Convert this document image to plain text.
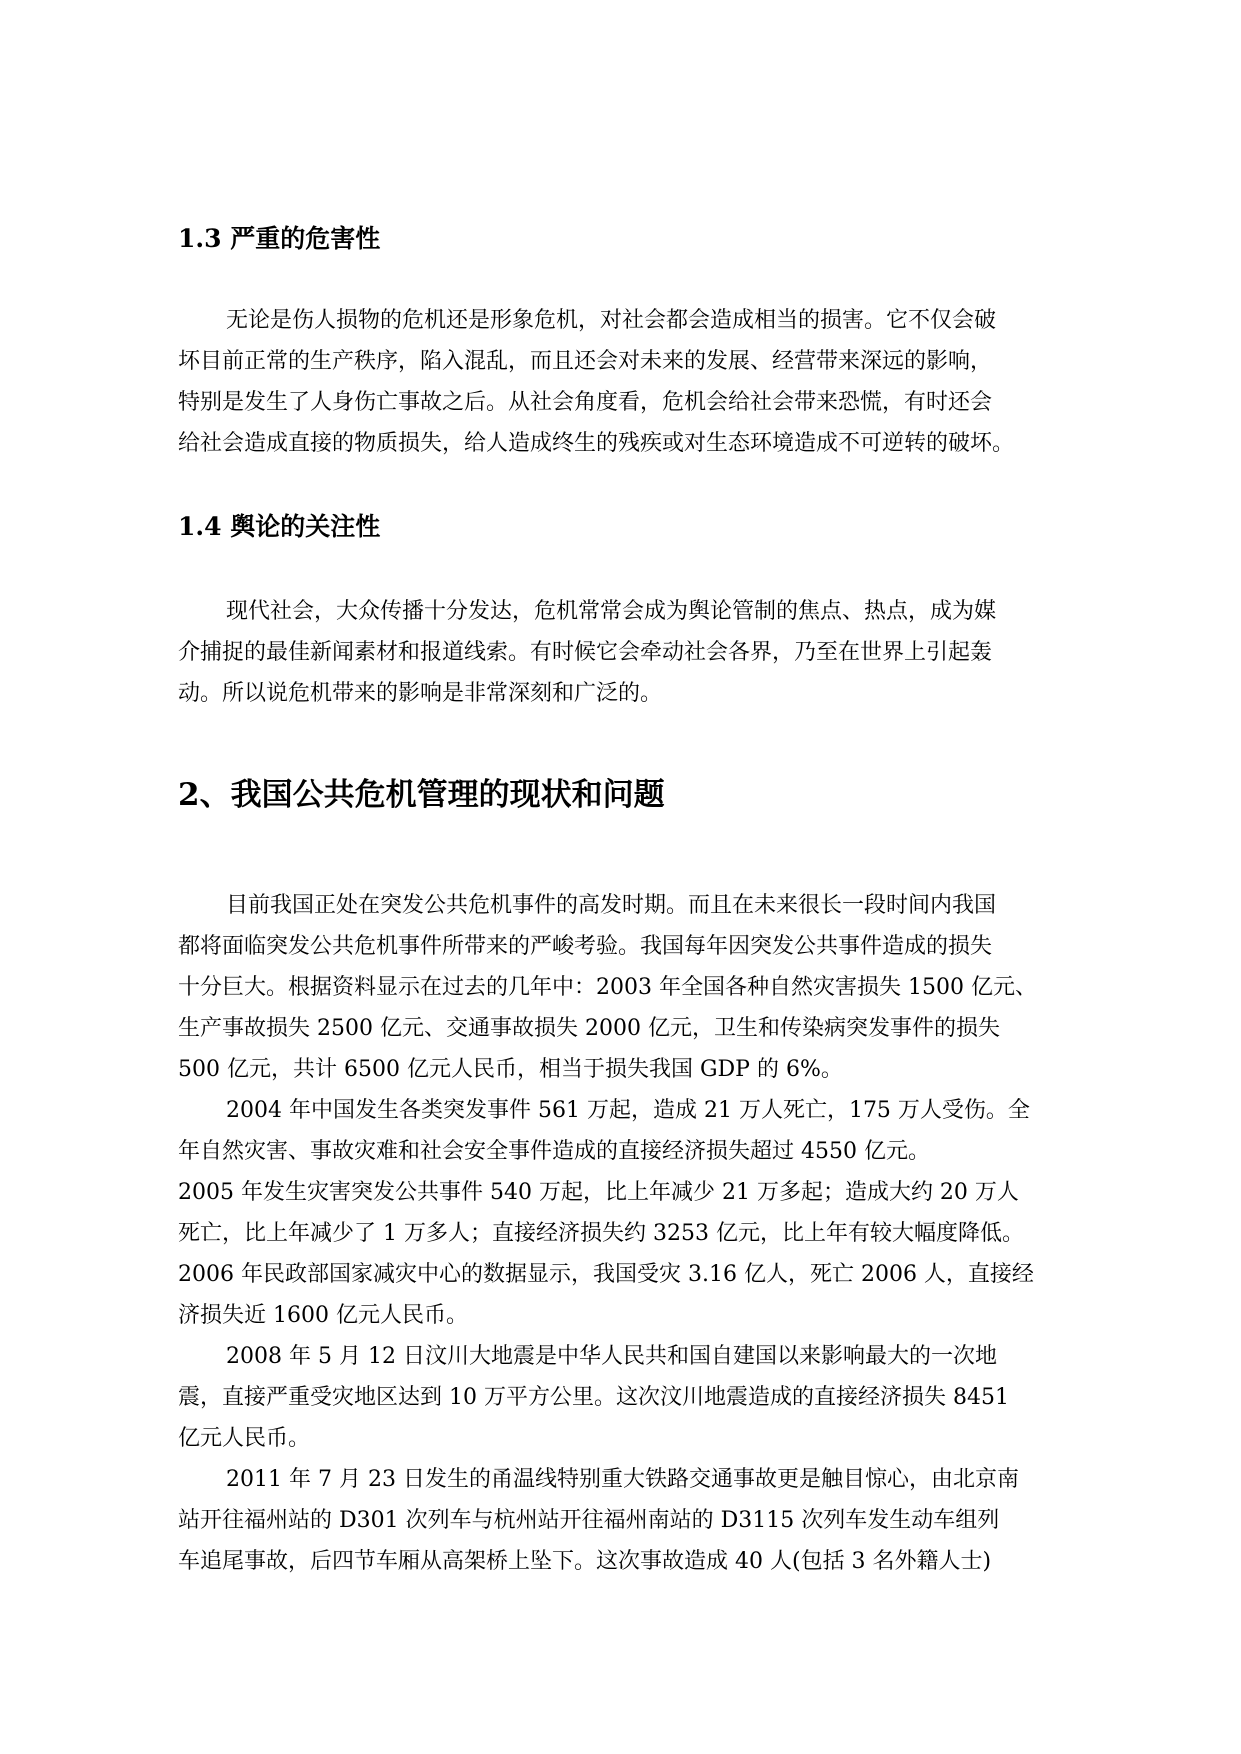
1.3 严重的危害性
无论是伤人损物的危机还是形象危机，对社会都会造成相当的损害。它不仅会破
坏目前正常的生产秩序，陷入混乱，而且还会对未来的发展、经营带来深远的影响，
特别是发生了人身伤亡事故之后。从社会角度看，危机会给社会带来恐慌，有时还会
给社会造成直接的物质损失，给人造成终生的残疾或对生态环境造成不可逆转的破坏。
1.4 舆论的关注性
现代社会，大众传播十分发达，危机常常会成为舆论管制的焦点、热点，成为媒
介捕捉的最佳新闻素材和报道线索。有时候它会牵动社会各界，乃至在世界上引起轰
动。所以说危机带来的影响是非常深刻和广泛的。
2、我国公共危机管理的现状和问题
目前我国正处在突发公共危机事件的高发时期。而且在未来很长一段时间内我国
都将面临突发公共危机事件所带来的严峻考验。我国每年因突发公共事件造成的损失
十分巨大。根据资料显示在过去的几年中：2003 年全国各种自然灾害损失 1500 亿元、
生产事故损失 2500 亿元、交通事故损失 2000 亿元，卫生和传染病突发事件的损失
500 亿元，共计 6500 亿元人民币，相当于损失我国 GDP 的 6%。
2004 年中国发生各类突发事件 561 万起，造成 21 万人死亡，175 万人受伤。全
年自然灾害、事故灾难和社会安全事件造成的直接经济损失超过 4550 亿元。
2005 年发生灾害突发公共事件 540 万起，比上年减少 21 万多起；造成大约 20 万人
死亡，比上年减少了 1 万多人；直接经济损失约 3253 亿元，比上年有较大幅度降低。
2006 年民政部国家减灾中心的数据显示，我国受灾 3.16 亿人，死亡 2006 人，直接经
济损失近 1600 亿元人民币。
2008 年 5 月 12 日汶川大地震是中华人民共和国自建国以来影响最大的一次地
震，直接严重受灾地区达到 10 万平方公里。这次汶川地震造成的直接经济损失 8451
亿元人民币。
2011 年 7 月 23 日发生的甬温线特别重大铁路交通事故更是触目惊心，由北京南
站开往福州站的 D301 次列车与杭州站开往福州南站的 D3115 次列车发生动车组列
车追尾事故，后四节车厢从高架桥上坠下。这次事故造成 40 人(包括 3 名外籍人士)
